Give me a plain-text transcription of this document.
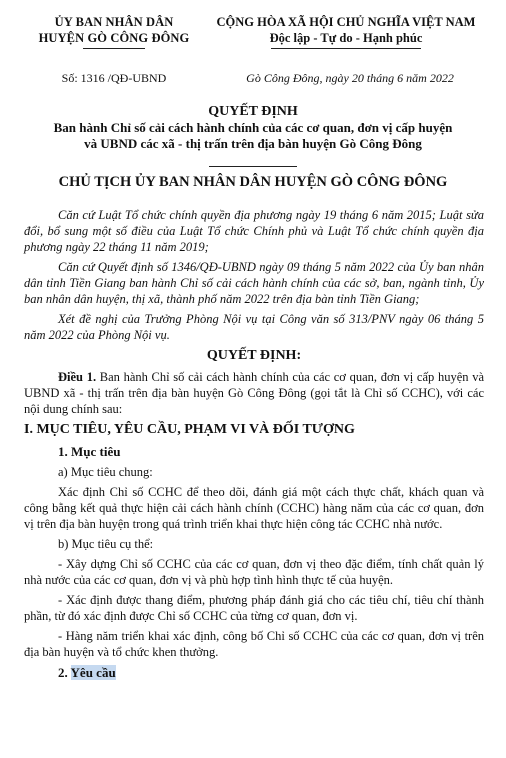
ỦY BAN NHÂN DÂN
HUYỆN GÒ CÔNG ĐÔNG
CỘNG HÒA XÃ HỘI CHỦ NGHĨA VIỆT NAM
Độc lập - Tự do - Hạnh phúc
Số: 1316 /QĐ-UBND	Gò Công Đông, ngày 20 tháng 6 năm 2022
QUYẾT ĐỊNH
Ban hành Chỉ số cải cách hành chính của các cơ quan, đơn vị cấp huyện
và UBND các xã - thị trấn trên địa bàn huyện Gò Công Đông
CHỦ TỊCH ỦY BAN NHÂN DÂN HUYỆN GÒ CÔNG ĐÔNG

Căn cứ Luật Tổ chức chính quyền địa phương ngày 19 tháng 6 năm 2015; Luật sửa đổi, bổ sung một số điều của Luật Tổ chức Chính phủ và Luật Tổ chức chính quyền địa phương ngày 22 tháng 11 năm 2019;

Căn cứ Quyết định số 1346/QĐ-UBND ngày 09 tháng 5 năm 2022 của Ủy ban nhân dân tỉnh Tiền Giang ban hành Chỉ số cải cách hành chính của các sở, ban, ngành tỉnh, Ủy ban nhân dân huyện, thị xã, thành phố năm 2022 trên địa bàn tỉnh Tiền Giang;

Xét đề nghị của Trưởng Phòng Nội vụ tại Công văn số 313/PNV ngày 06 tháng 5 năm 2022 của Phòng Nội vụ.

QUYẾT ĐỊNH:

Điều 1. Ban hành Chỉ số cải cách hành chính của các cơ quan, đơn vị cấp huyện và UBND xã - thị trấn trên địa bàn huyện Gò Công Đông (gọi tắt là Chỉ số CCHC), với các nội dung chính sau:

I. MỤC TIÊU, YÊU CẦU, PHẠM VI VÀ ĐỐI TƯỢNG
1. Mục tiêu
a) Mục tiêu chung:

Xác định Chỉ số CCHC để theo dõi, đánh giá một cách thực chất, khách quan và công bằng kết quả thực hiện cải cách hành chính (CCHC) hàng năm của các cơ quan, đơn vị trên địa bàn huyện trong quá trình triển khai thực hiện công tác CCHC nhà nước.

b) Mục tiêu cụ thể:

- Xây dựng Chỉ số CCHC của các cơ quan, đơn vị theo đặc điểm, tính chất quản lý nhà nước của các cơ quan, đơn vị và phù hợp tình hình thực tế của huyện.

- Xác định được thang điểm, phương pháp đánh giá cho các tiêu chí, tiêu chí thành phần, từ đó xác định được Chỉ số CCHC của từng cơ quan, đơn vị.

- Hàng năm triển khai xác định, công bố Chỉ số CCHC của các cơ quan, đơn vị trên địa bàn huyện và tổ chức khen thưởng.

2. Yêu cầu
